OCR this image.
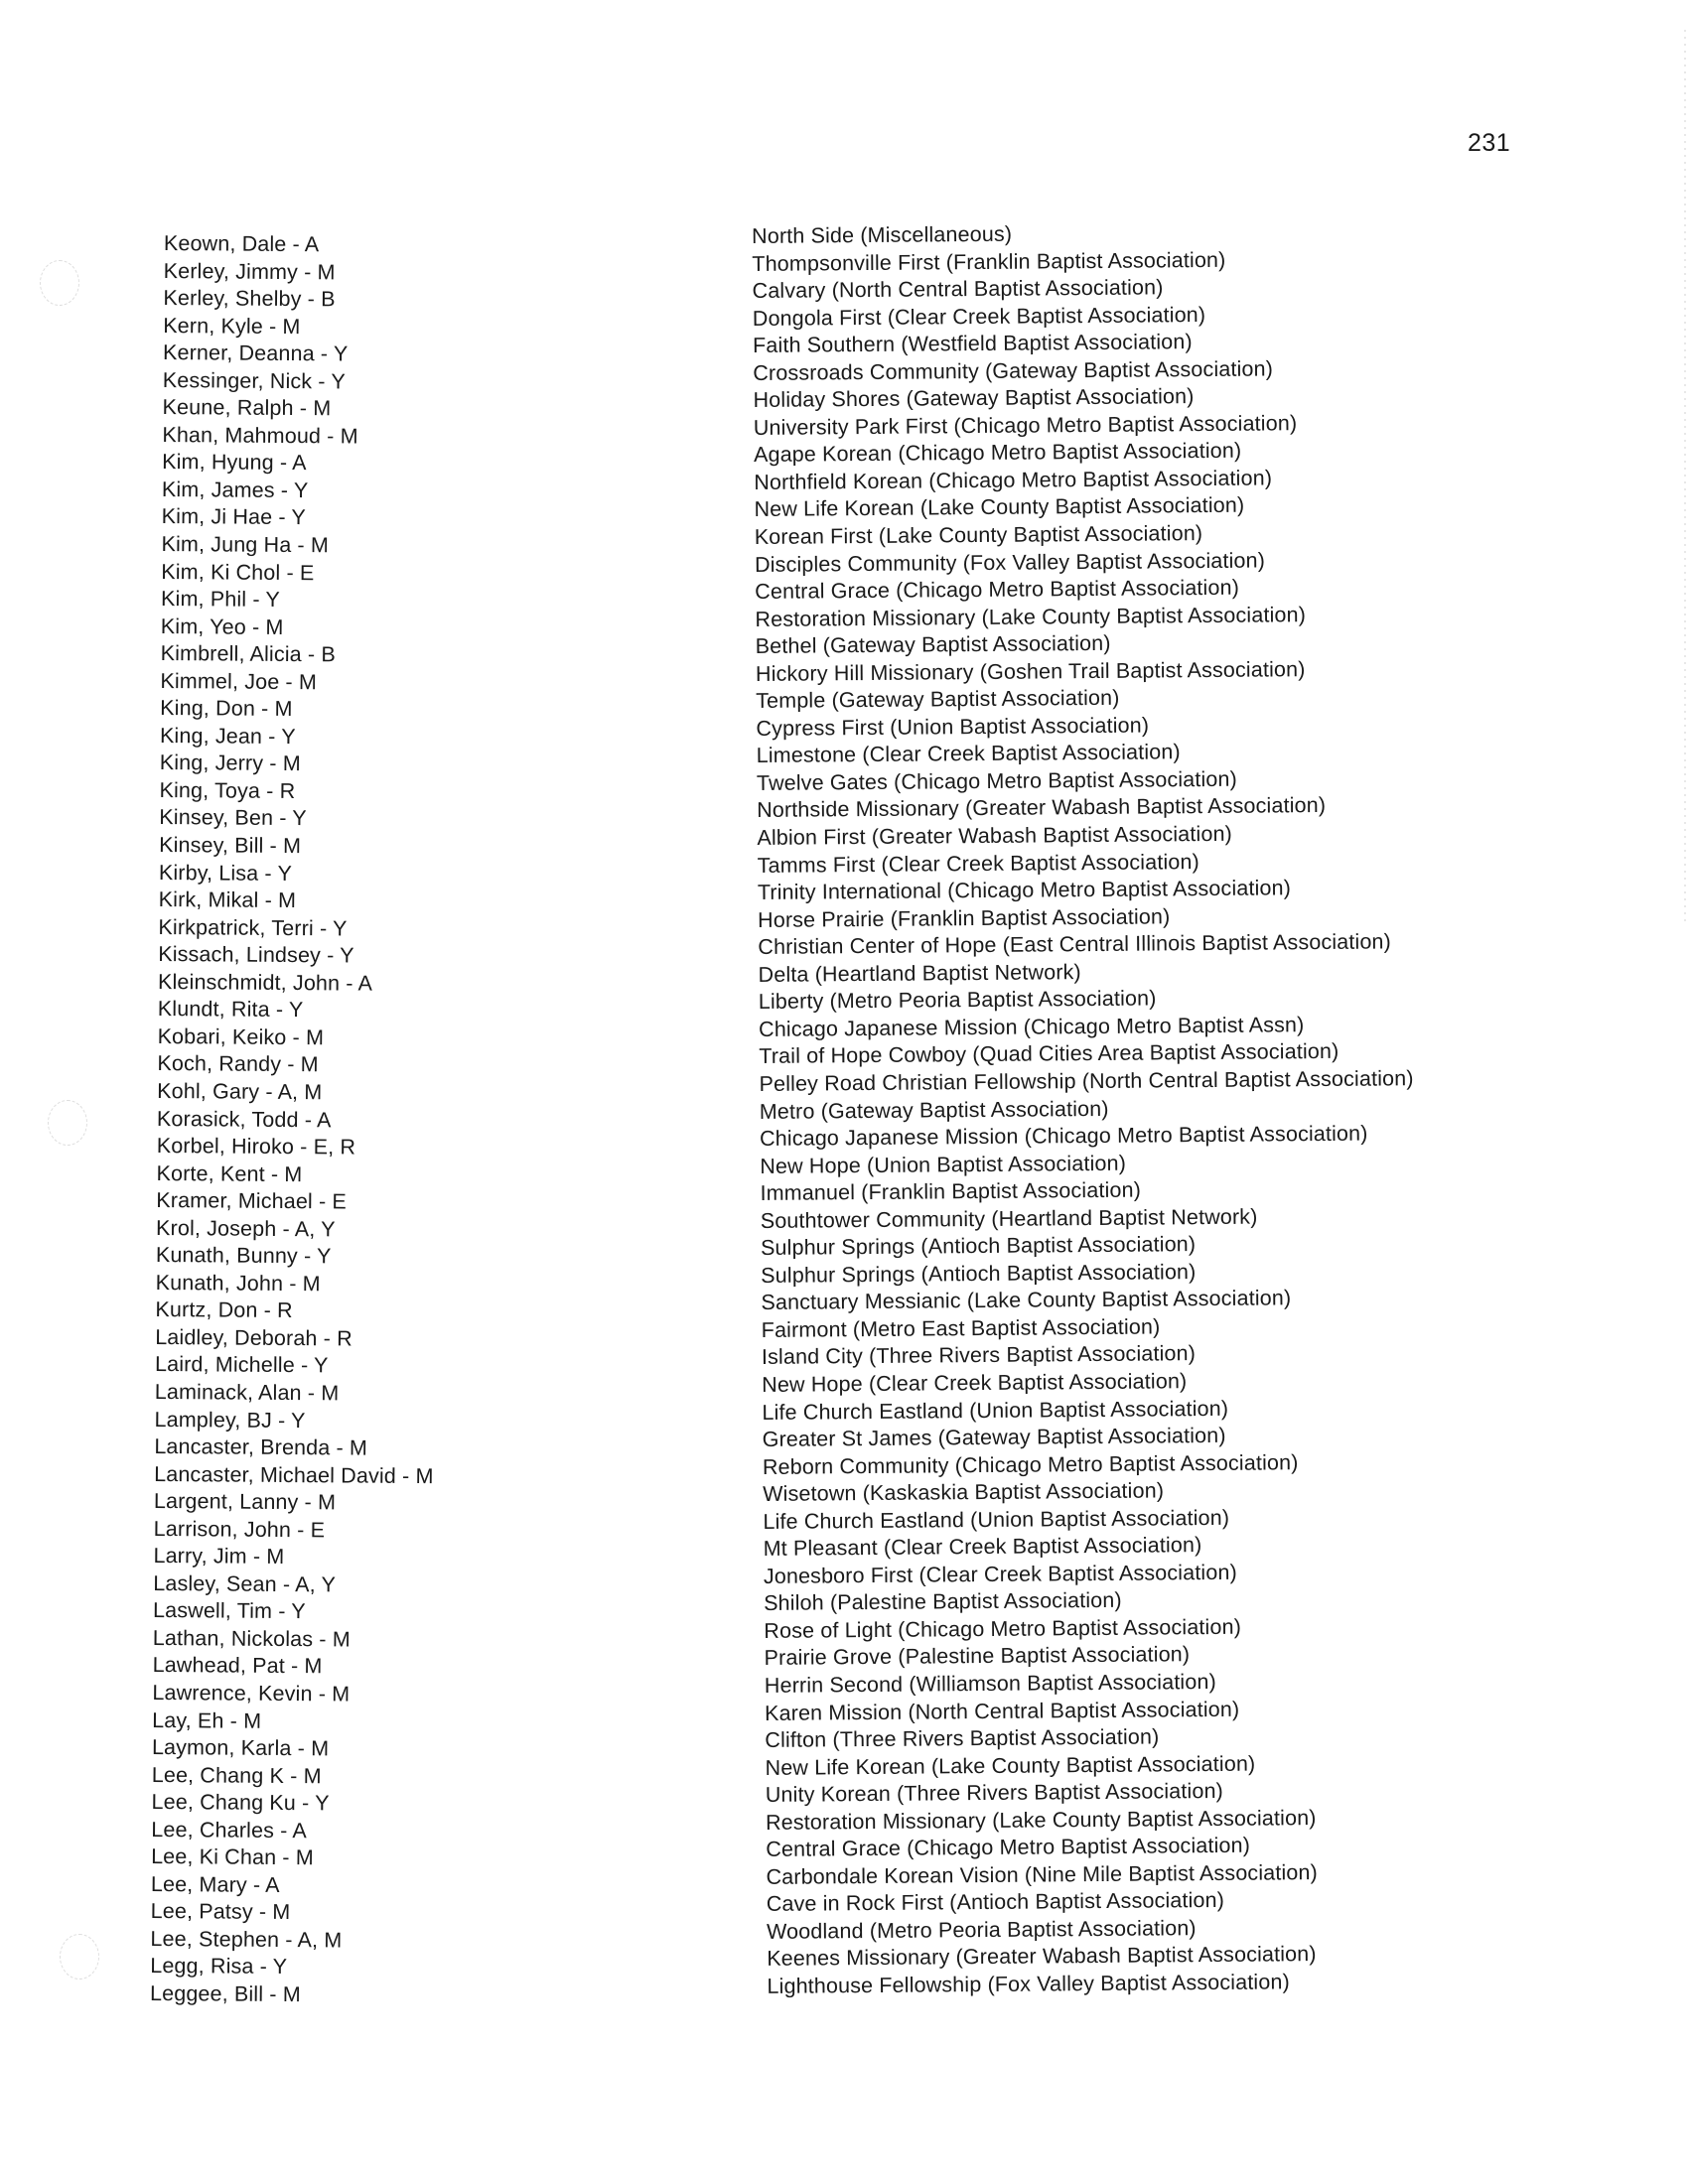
231
Keown, Dale - A
Kerley, Jimmy - M
Kerley, Shelby - B
Kern, Kyle - M
Kerner, Deanna - Y
Kessinger, Nick - Y
Keune, Ralph - M
Khan, Mahmoud - M
Kim, Hyung - A
Kim, James - Y
Kim, Ji Hae - Y
Kim, Jung Ha - M
Kim, Ki Chol - E
Kim, Phil - Y
Kim, Yeo - M
Kimbrell, Alicia - B
Kimmel, Joe - M
King, Don - M
King, Jean - Y
King, Jerry - M
King, Toya - R
Kinsey, Ben - Y
Kinsey, Bill - M
Kirby, Lisa - Y
Kirk, Mikal - M
Kirkpatrick, Terri - Y
Kissach, Lindsey - Y
Kleinschmidt, John - A
Klundt, Rita - Y
Kobari, Keiko - M
Koch, Randy - M
Kohl, Gary - A, M
Korasick, Todd - A
Korbel, Hiroko - E, R
Korte, Kent - M
Kramer, Michael - E
Krol, Joseph - A, Y
Kunath, Bunny - Y
Kunath, John - M
Kurtz, Don - R
Laidley, Deborah - R
Laird, Michelle - Y
Laminack, Alan - M
Lampley, BJ - Y
Lancaster, Brenda - M
Lancaster, Michael David - M
Largent, Lanny - M
Larrison, John - E
Larry, Jim - M
Lasley, Sean - A, Y
Laswell, Tim - Y
Lathan, Nickolas - M
Lawhead, Pat - M
Lawrence, Kevin - M
Lay, Eh - M
Laymon, Karla - M
Lee, Chang K - M
Lee, Chang Ku - Y
Lee, Charles - A
Lee, Ki Chan - M
Lee, Mary - A
Lee, Patsy - M
Lee, Stephen - A, M
Legg, Risa - Y
Leggee, Bill - M
North Side (Miscellaneous)
Thompsonville First (Franklin Baptist Association)
Calvary (North Central Baptist Association)
Dongola First (Clear Creek Baptist Association)
Faith Southern (Westfield Baptist Association)
Crossroads Community (Gateway Baptist Association)
Holiday Shores (Gateway Baptist Association)
University Park First (Chicago Metro Baptist Association)
Agape Korean (Chicago Metro Baptist Association)
Northfield Korean (Chicago Metro Baptist Association)
New Life Korean (Lake County Baptist Association)
Korean First (Lake County Baptist Association)
Disciples Community (Fox Valley Baptist Association)
Central Grace (Chicago Metro Baptist Association)
Restoration Missionary (Lake County Baptist Association)
Bethel (Gateway Baptist Association)
Hickory Hill Missionary (Goshen Trail Baptist Association)
Temple (Gateway Baptist Association)
Cypress First (Union Baptist Association)
Limestone (Clear Creek Baptist Association)
Twelve Gates (Chicago Metro Baptist Association)
Northside Missionary (Greater Wabash Baptist Association)
Albion First (Greater Wabash Baptist Association)
Tamms First (Clear Creek Baptist Association)
Trinity International (Chicago Metro Baptist Association)
Horse Prairie (Franklin Baptist Association)
Christian Center of Hope (East Central Illinois Baptist Association)
Delta (Heartland Baptist Network)
Liberty (Metro Peoria Baptist Association)
Chicago Japanese Mission (Chicago Metro Baptist Assn)
Trail of Hope Cowboy (Quad Cities Area Baptist Association)
Pelley Road Christian Fellowship (North Central Baptist Association)
Metro (Gateway Baptist Association)
Chicago Japanese Mission (Chicago Metro Baptist Association)
New Hope (Union Baptist Association)
Immanuel (Franklin Baptist Association)
Southtower Community (Heartland Baptist Network)
Sulphur Springs (Antioch Baptist Association)
Sulphur Springs (Antioch Baptist Association)
Sanctuary Messianic (Lake County Baptist Association)
Fairmont (Metro East Baptist Association)
Island City (Three Rivers Baptist Association)
New Hope (Clear Creek Baptist Association)
Life Church Eastland (Union Baptist Association)
Greater St James (Gateway Baptist Association)
Reborn Community (Chicago Metro Baptist Association)
Wisetown (Kaskaskia Baptist Association)
Life Church Eastland (Union Baptist Association)
Mt Pleasant (Clear Creek Baptist Association)
Jonesboro First (Clear Creek Baptist Association)
Shiloh (Palestine Baptist Association)
Rose of Light (Chicago Metro Baptist Association)
Prairie Grove (Palestine Baptist Association)
Herrin Second (Williamson Baptist Association)
Karen Mission (North Central Baptist Association)
Clifton (Three Rivers Baptist Association)
New Life Korean (Lake County Baptist Association)
Unity Korean (Three Rivers Baptist Association)
Restoration Missionary (Lake County Baptist Association)
Central Grace (Chicago Metro Baptist Association)
Carbondale Korean Vision (Nine Mile Baptist Association)
Cave in Rock First (Antioch Baptist Association)
Woodland (Metro Peoria Baptist Association)
Keenes Missionary (Greater Wabash Baptist Association)
Lighthouse Fellowship (Fox Valley Baptist Association)
